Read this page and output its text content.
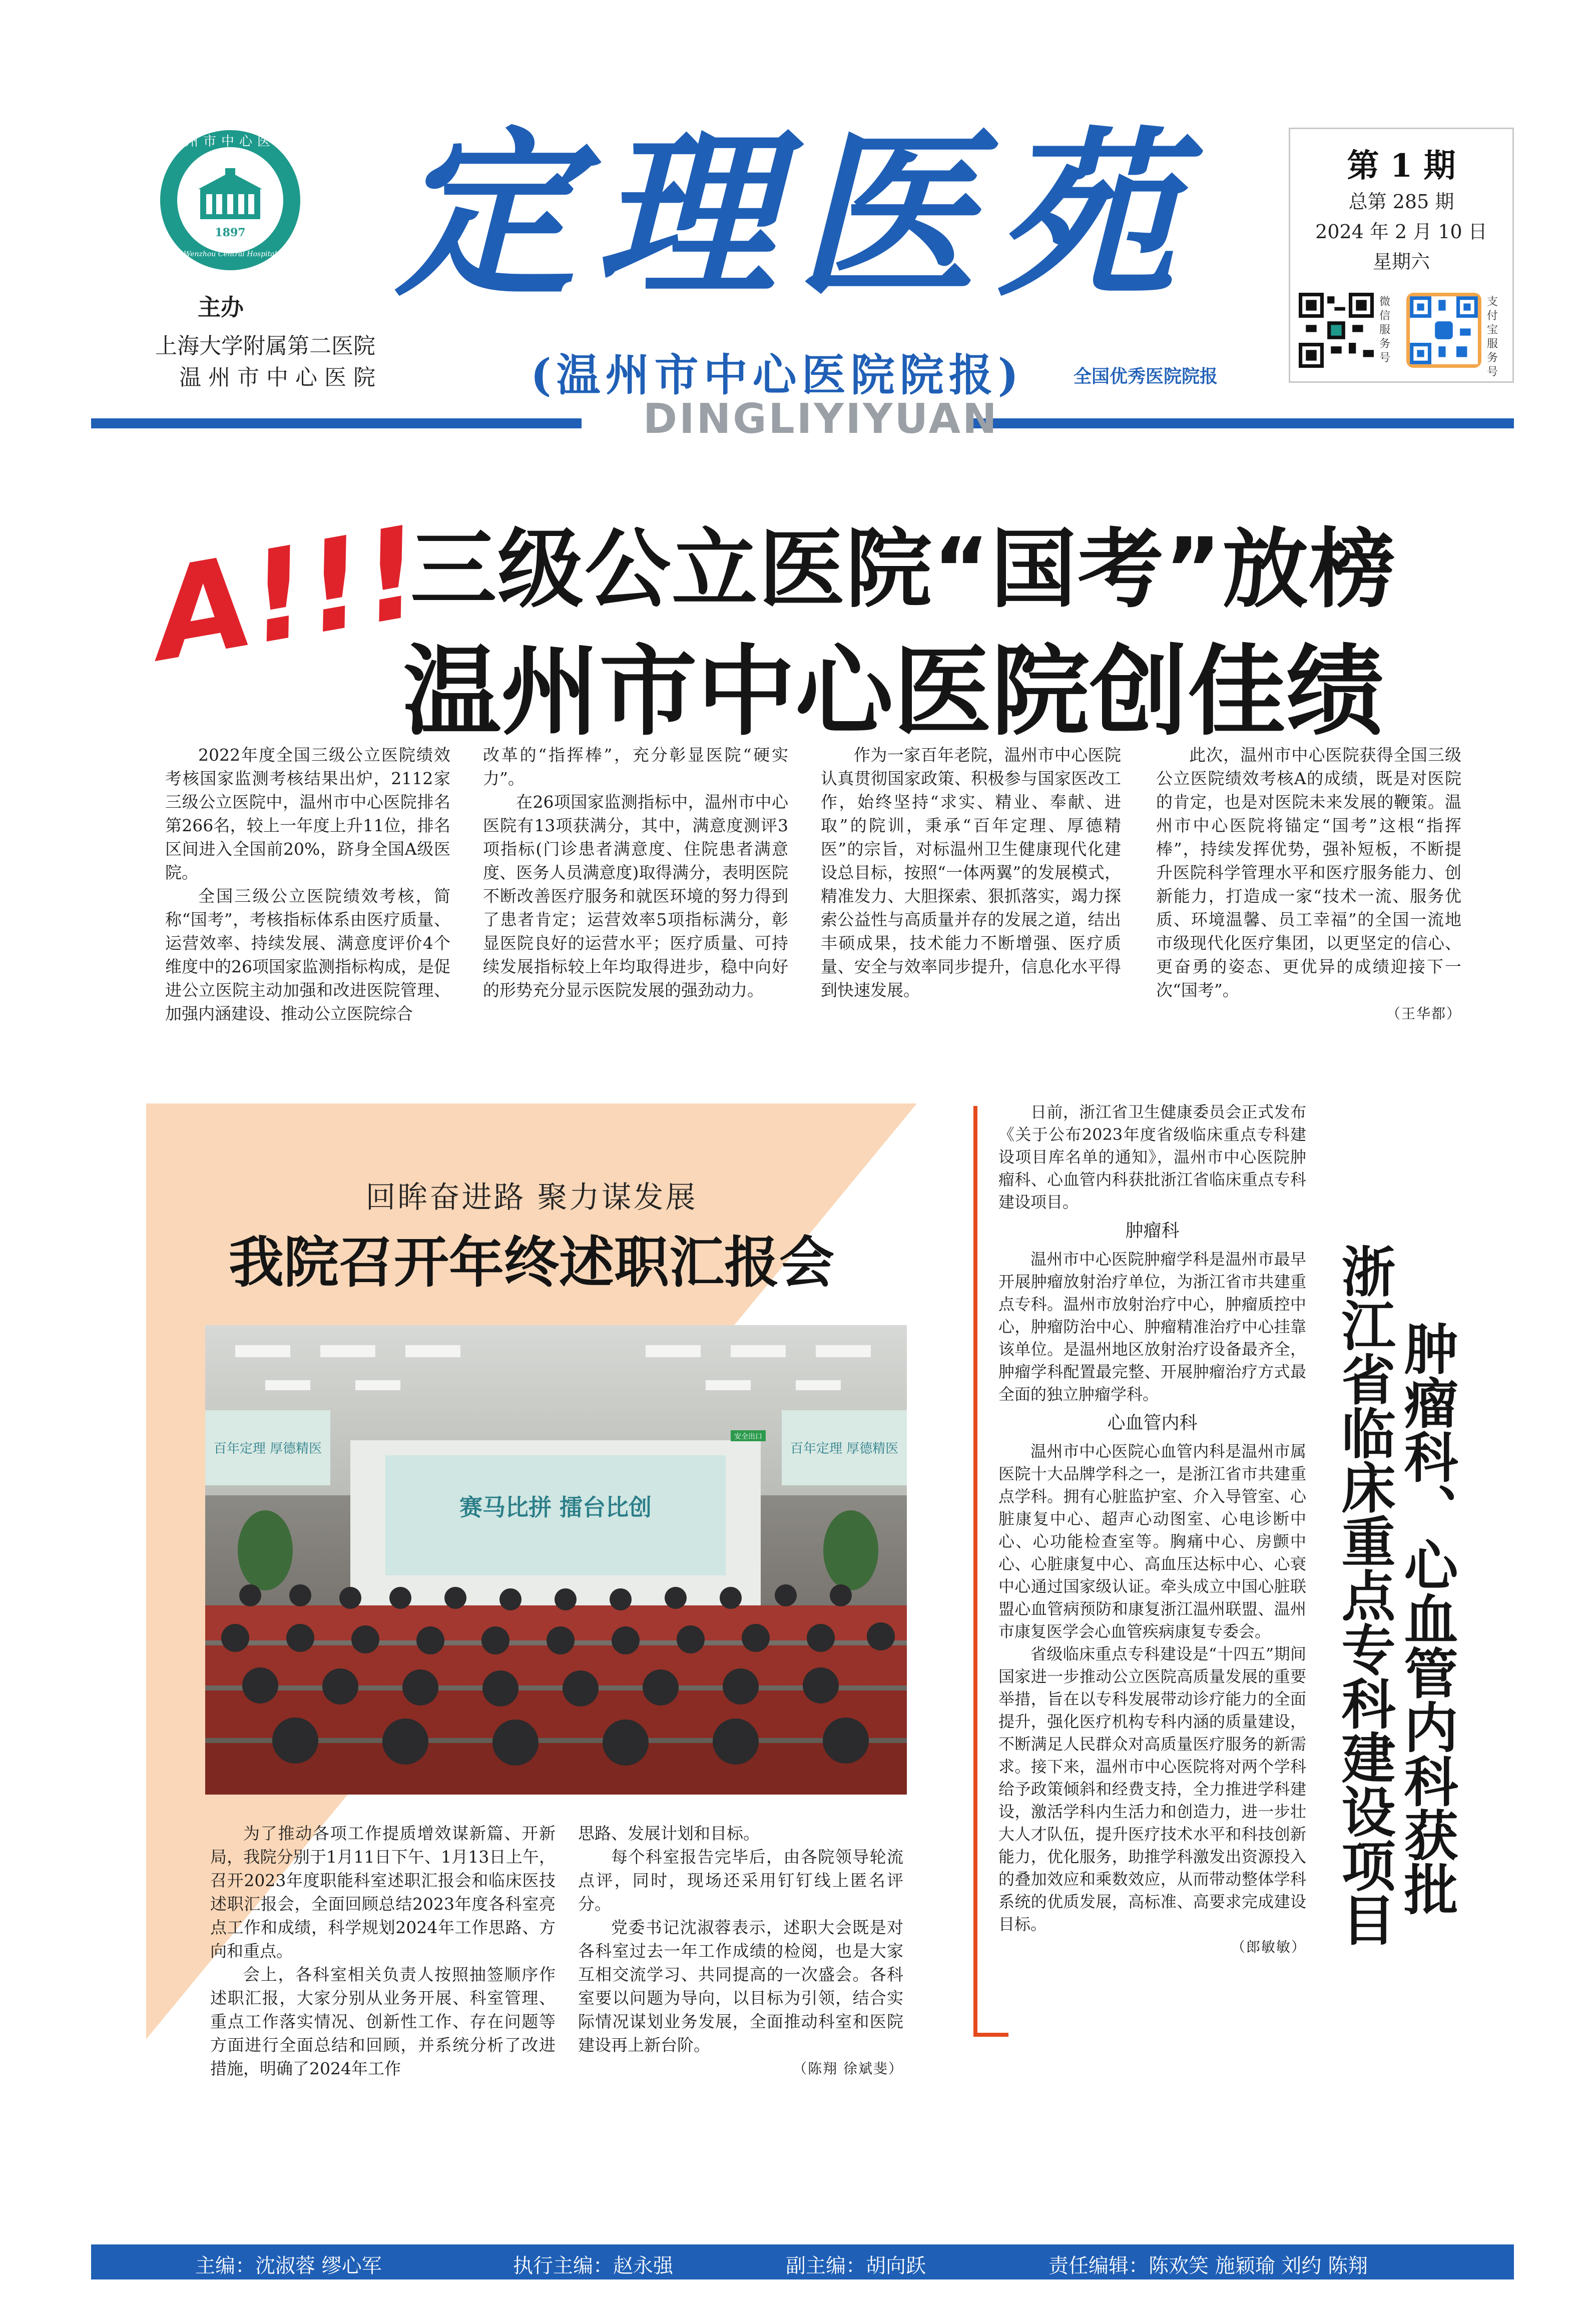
温州市中心医院
1897
Wenzhou Central Hospital
主办
上海大学附属第二医院
温 州 市 中 心 医 院
定理医苑
(温州市中心医院院报)	全国优秀医院院报
DINGLIYIYUAN
第 1 期
总第 285 期
2024 年 2 月 10 日
星期六
微信服务号
支付宝服务号
A!!!
三级公立医院“国考”放榜
温州市中心医院创佳绩

2022年度全国三级公立医院绩效考核国家监测考核结果出炉，2112家三级公立医院中，温州市中心医院排名第266名，较上一年度上升11位，排名区间进入全国前20%，跻身全国A级医院。

全国三级公立医院绩效考核，简称“国考”，考核指标体系由医疗质量、运营效率、持续发展、满意度评价4个维度中的26项国家监测指标构成，是促进公立医院主动加强和改进医院管理、加强内涵建设、推动公立医院综合

改革的“指挥棒”，充分彰显医院“硬实力”。

在26项国家监测指标中，温州市中心医院有13项获满分，其中，满意度测评3项指标(门诊患者满意度、住院患者满意度、医务人员满意度)取得满分，表明医院不断改善医疗服务和就医环境的努力得到了患者肯定；运营效率5项指标满分，彰显医院良好的运营水平；医疗质量、可持续发展指标较上年均取得进步，稳中向好的形势充分显示医院发展的强劲动力。

作为一家百年老院，温州市中心医院认真贯彻国家政策、积极参与国家医改工作，始终坚持“求实、精业、奉献、进取”的院训，秉承“百年定理、厚德精医”的宗旨，对标温州卫生健康现代化建设总目标，按照“一体两翼”的发展模式，精准发力、大胆探索、狠抓落实，竭力探索公益性与高质量并存的发展之道，结出丰硕成果，技术能力不断增强、医疗质量、安全与效率同步提升，信息化水平得到快速发展。

此次，温州市中心医院获得全国三级公立医院绩效考核A的成绩，既是对医院的肯定，也是对医院未来发展的鞭策。温州市中心医院将锚定“国考”这根“指挥棒”，持续发挥优势，强补短板，不断提升医院科学管理水平和医疗服务能力、创新能力，打造成一家“技术一流、服务优质、环境温馨、员工幸福”的全国一流地市级现代化医疗集团，以更坚定的信心、更奋勇的姿态、更优异的成绩迎接下一次“国考”。

（王华都）
回眸奋进路 聚力谋发展
我院召开年终述职汇报会
赛马比拼 擂台比创
百年定理 厚德精医	百年定理 厚德精医
安全出口

为了推动各项工作提质增效谋新篇、开新局，我院分别于1月11日下午、1月13日上午，召开2023年度职能科室述职汇报会和临床医技述职汇报会，全面回顾总结2023年度各科室亮点工作和成绩，科学规划2024年工作思路、方向和重点。

会上，各科室相关负责人按照抽签顺序作述职汇报，大家分别从业务开展、科室管理、重点工作落实情况、创新性工作、存在问题等方面进行全面总结和回顾，并系统分析了改进措施，明确了2024年工作

思路、发展计划和目标。

每个科室报告完毕后，由各院领导轮流点评，同时，现场还采用钉钉线上匿名评分。

党委书记沈淑蓉表示，述职大会既是对各科室过去一年工作成绩的检阅，也是大家互相交流学习、共同提高的一次盛会。各科室要以问题为导向，以目标为引领，结合实际情况谋划业务发展，全面推动科室和医院建设再上新台阶。

（陈翔 徐斌斐）

日前，浙江省卫生健康委员会正式发布《关于公布2023年度省级临床重点专科建设项目库名单的通知》，温州市中心医院肿瘤科、心血管内科获批浙江省临床重点专科建设项目。

肿瘤科

温州市中心医院肿瘤学科是温州市最早开展肿瘤放射治疗单位，为浙江省市共建重点专科。温州市放射治疗中心，肿瘤质控中心，肿瘤防治中心、肿瘤精准治疗中心挂靠该单位。是温州地区放射治疗设备最齐全，肿瘤学科配置最完整、开展肿瘤治疗方式最全面的独立肿瘤学科。

心血管内科

温州市中心医院心血管内科是温州市属医院十大品牌学科之一，是浙江省市共建重点学科。拥有心脏监护室、介入导管室、心脏康复中心、超声心动图室、心电诊断中心、心功能检查室等。胸痛中心、房颤中心、心脏康复中心、高血压达标中心、心衰中心通过国家级认证。牵头成立中国心脏联盟心血管病预防和康复浙江温州联盟、温州市康复医学会心血管疾病康复专委会。

省级临床重点专科建设是“十四五”期间国家进一步推动公立医院高质量发展的重要举措，旨在以专科发展带动诊疗能力的全面提升，强化医疗机构专科内涵的质量建设，不断满足人民群众对高质量医疗服务的新需求。接下来，温州市中心医院将对两个学科给予政策倾斜和经费支持，全力推进学科建设，激活学科内生活力和创造力，进一步壮大人才队伍，提升医疗技术水平和科技创新能力，优化服务，助推学科激发出资源投入的叠加效应和乘数效应，从而带动整体学科系统的优质发展，高标准、高要求完成建设目标。

（郎敏敏）
肿瘤科、心血管内科获批
浙江省临床重点专科建设项目
主编：沈淑蓉 缪心军	执行主编：赵永强	副主编：胡向跃	责任编辑：陈欢笑 施颖瑜 刘约 陈翔
